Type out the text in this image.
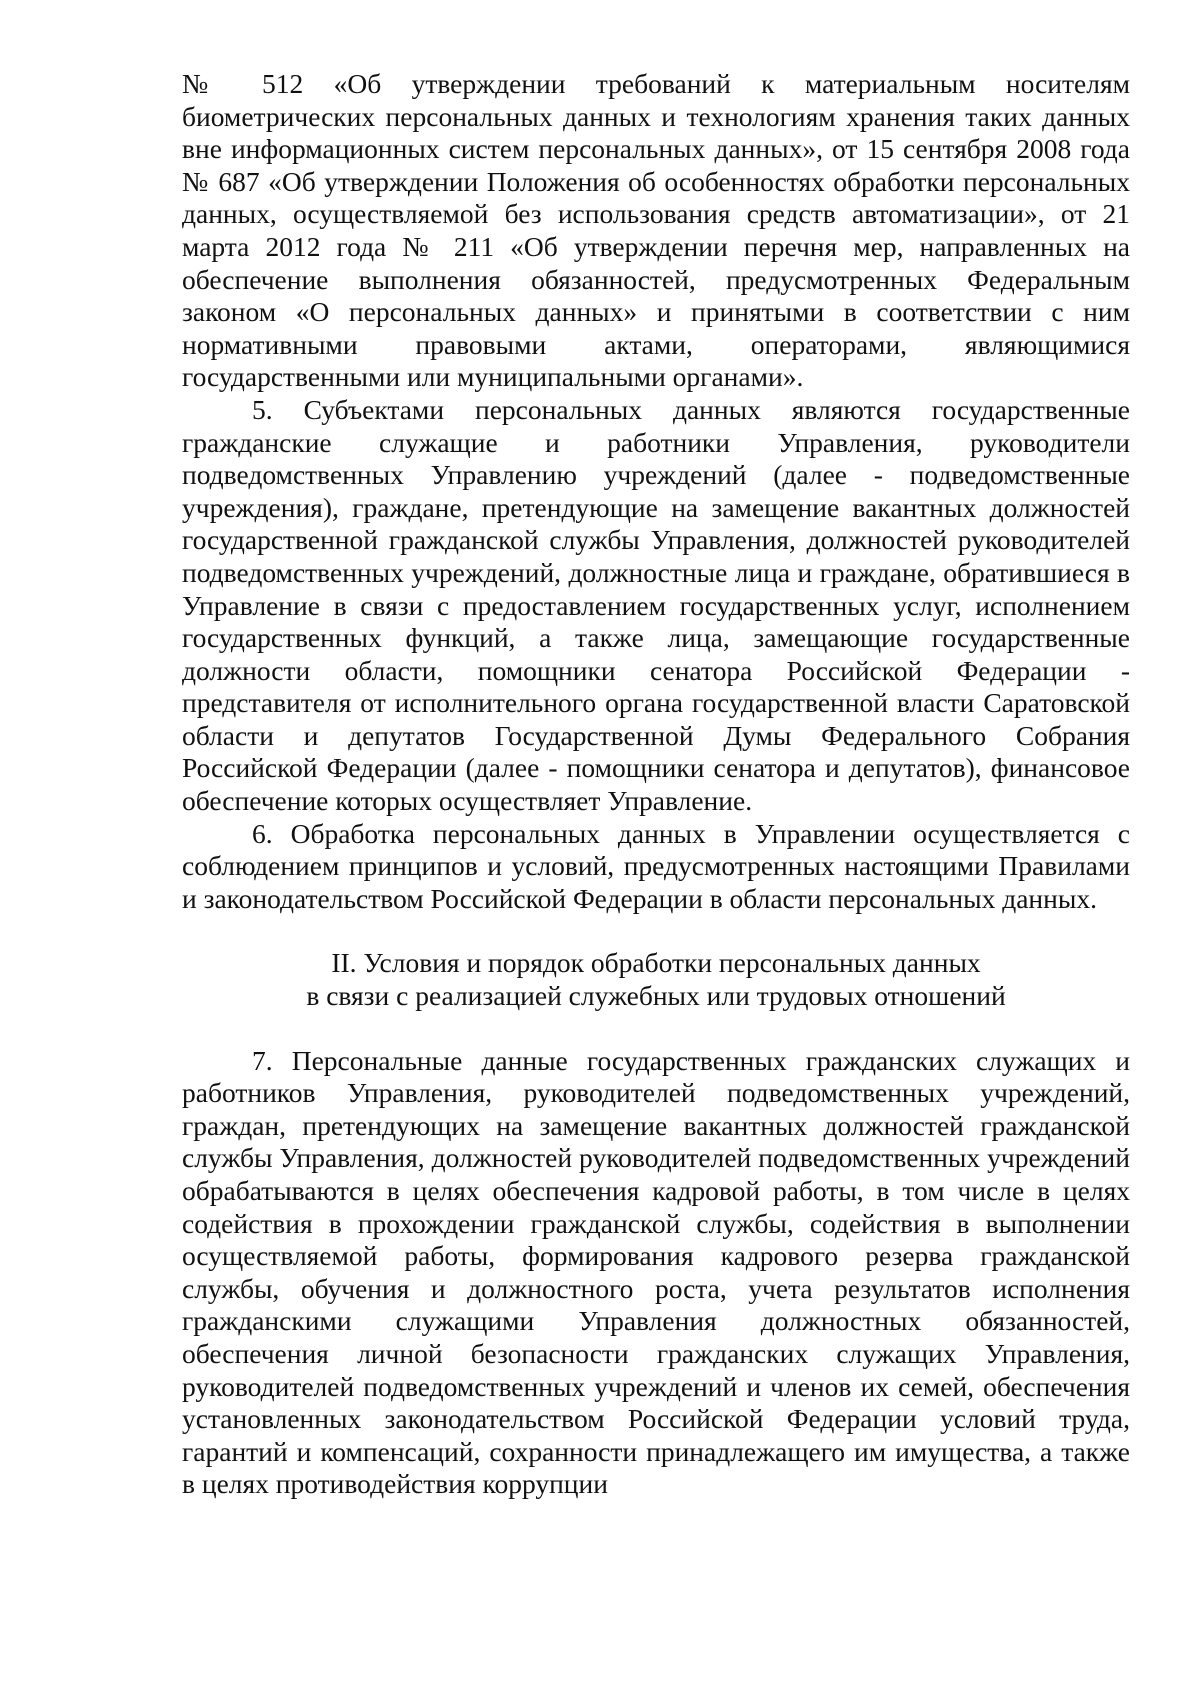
№ 512 «Об утверждении требований к материальным носителям биометрических персональных данных и технологиям хранения таких данных вне информационных систем персональных данных», от 15 сентября 2008 года № 687 «Об утверждении Положения об особенностях обработки персональных данных, осуществляемой без использования средств автоматизации», от 21 марта 2012 года № 211 «Об утверждении перечня мер, направленных на обеспечение выполнения обязанностей, предусмотренных Федеральным законом «О персональных данных» и принятыми в соответствии с ним нормативными правовыми актами, операторами, являющимися государственными или муниципальными органами».

5. Субъектами персональных данных являются государственные гражданские служащие и работники Управления, руководители подведомственных Управлению учреждений (далее - подведомственные учреждения), граждане, претендующие на замещение вакантных должностей государственной гражданской службы Управления, должностей руководителей подведомственных учреждений, должностные лица и граждане, обратившиеся в Управление в связи с предоставлением государственных услуг, исполнением государственных функций, а также лица, замещающие государственные должности области, помощники сенатора Российской Федерации - представителя от исполнительного органа государственной власти Саратовской области и депутатов Государственной Думы Федерального Собрания Российской Федерации (далее - помощники сенатора и депутатов), финансовое обеспечение которых осуществляет Управление.

6. Обработка персональных данных в Управлении осуществляется с соблюдением принципов и условий, предусмотренных настоящими Правилами и законодательством Российской Федерации в области персональных данных.

II. Условия и порядок обработки персональных данных
в связи с реализацией служебных или трудовых отношений

7. Персональные данные государственных гражданских служащих и работников Управления, руководителей подведомственных учреждений, граждан, претендующих на замещение вакантных должностей гражданской службы Управления, должностей руководителей подведомственных учреждений обрабатываются в целях обеспечения кадровой работы, в том числе в целях содействия в прохождении гражданской службы, содействия в выполнении осуществляемой работы, формирования кадрового резерва гражданской службы, обучения и должностного роста, учета результатов исполнения гражданскими служащими Управления должностных обязанностей, обеспечения личной безопасности гражданских служащих Управления, руководителей подведомственных учреждений и членов их семей, обеспечения установленных законодательством Российской Федерации условий труда, гарантий и компенсаций, сохранности принадлежащего им имущества, а также в целях противодействия коррупции
